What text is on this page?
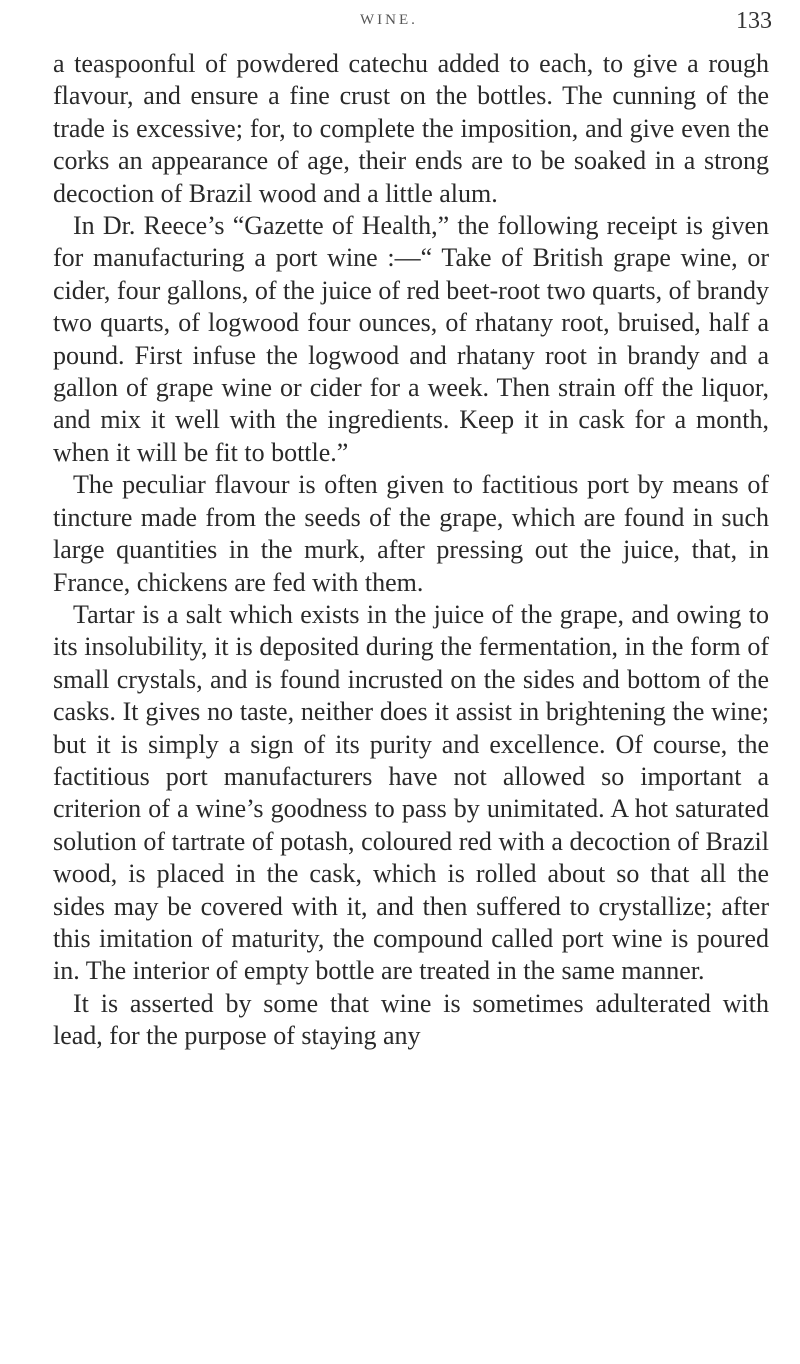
WINE.	133

a teaspoonful of powdered catechu added to each, to give a rough flavour, and ensure a fine crust on the bottles. The cunning of the trade is excessive; for, to complete the imposition, and give even the corks an appearance of age, their ends are to be soaked in a strong decoction of Brazil wood and a little alum.

In Dr. Reece’s “Gazette of Health,” the following receipt is given for manufacturing a port wine :—“ Take of British grape wine, or cider, four gallons, of the juice of red beet-root two quarts, of brandy two quarts, of logwood four ounces, of rhatany root, bruised, half a pound. First infuse the logwood and rhatany root in brandy and a gallon of grape wine or cider for a week. Then strain off the liquor, and mix it well with the ingredients. Keep it in cask for a month, when it will be fit to bottle.”

The peculiar flavour is often given to factitious port by means of tincture made from the seeds of the grape, which are found in such large quantities in the murk, after pressing out the juice, that, in France, chickens are fed with them.

Tartar is a salt which exists in the juice of the grape, and owing to its insolubility, it is deposited during the fermentation, in the form of small crystals, and is found incrusted on the sides and bottom of the casks. It gives no taste, neither does it assist in brightening the wine; but it is simply a sign of its purity and excellence. Of course, the factitious port manufacturers have not allowed so important a criterion of a wine’s goodness to pass by unimitated. A hot saturated solution of tartrate of potash, coloured red with a decoction of Brazil wood, is placed in the cask, which is rolled about so that all the sides may be covered with it, and then suffered to crystallize; after this imitation of maturity, the compound called port wine is poured in. The interior of empty bottle are treated in the same manner.

It is asserted by some that wine is sometimes adulterated with lead, for the purpose of staying any
